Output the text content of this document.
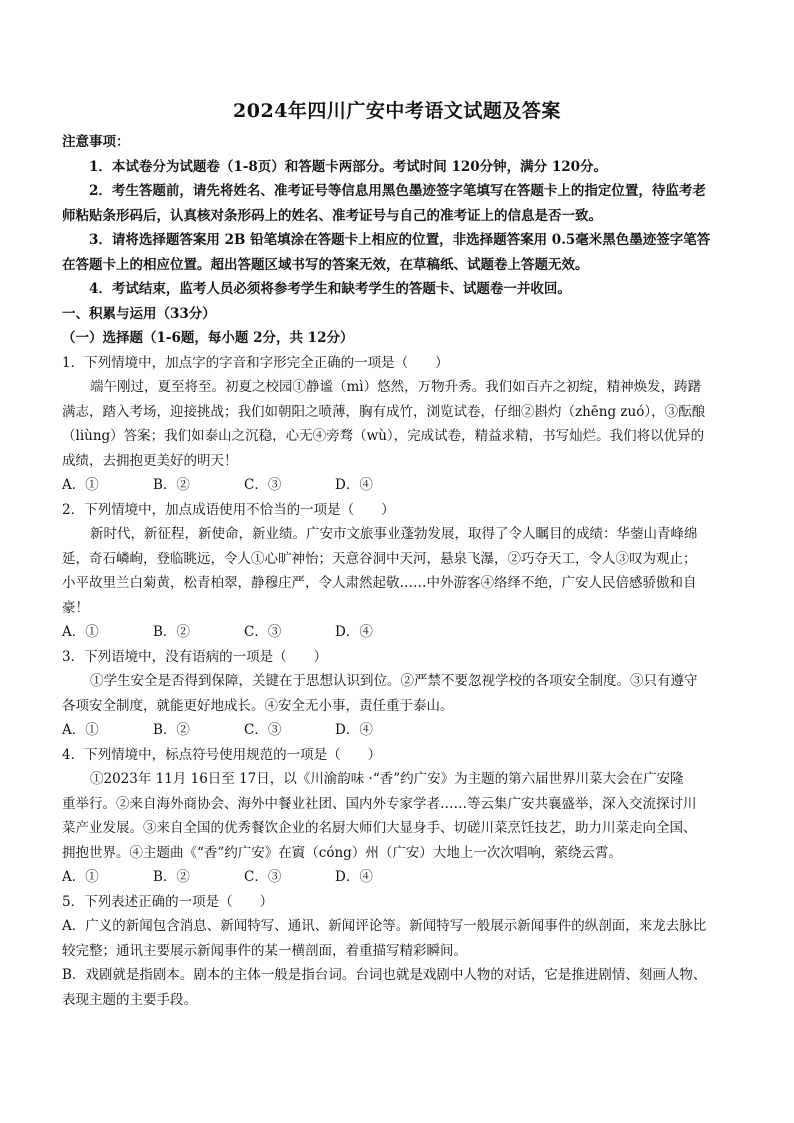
2024年四川广安中考语文试题及答案
注意事项：
1．本试卷分为试题卷（1-8页）和答题卡两部分。考试时间 120分钟，满分 120分。
2．考生答题前，请先将姓名、准考证号等信息用黑色墨迹签字笔填写在答题卡上的指定位置，待监考老
师粘贴条形码后，认真核对条形码上的姓名、准考证号与自己的准考证上的信息是否一致。
3．请将选择题答案用 2B 铅笔填涂在答题卡上相应的位置，非选择题答案用 0.5毫米黑色墨迹签字笔答
在答题卡上的相应位置。超出答题区域书写的答案无效，在草稿纸、试题卷上答题无效。
4．考试结束，监考人员必须将参考学生和缺考学生的答题卡、试题卷一并收回。
一、积累与运用（33分）
（一）选择题（1-6题，每小题 2分，共 12分）
1．下列情境中，加点字的字音和字形完全正确的一项是（　　）
端午刚过，夏至将至。初夏之校园①静谧（mì）悠然，万物升秀。我们如百卉之初绽，精神焕发，踌躇
满志，踏入考场，迎接挑战；我们如朝阳之喷薄，胸有成竹，浏览试卷，仔细②斟灼（zhēng zuó），③酝酿
（liùng）答案；我们如泰山之沉稳，心无④旁骛（wù），完成试卷，精益求精，书写灿烂。我们将以优异的
成绩，去拥抱更美好的明天！
A．①	B．②	C．③	D．④
2．下列情境中，加点成语使用不恰当的一项是（　　）
新时代，新征程，新使命，新业绩。广安市文旅事业蓬勃发展，取得了令人瞩目的成绩：华蓥山青峰绵
延，奇石嶙峋，登临眺远，令人①心旷神怡；天意谷洞中天河，悬泉飞瀑，②巧夺天工，令人③叹为观止；
小平故里兰白菊黄，松青柏翠，静穆庄严，令人肃然起敬……中外游客④络绎不绝，广安人民倍感骄傲和自
豪！
A．①	B．②	C．③	D．④
3．下列语境中，没有语病的一项是（　　）
①学生安全是否得到保障，关键在于思想认识到位。②严禁不要忽视学校的各项安全制度。③只有遵守
各项安全制度，就能更好地成长。④安全无小事，责任重于泰山。
A．①	B．②	C．③	D．④
4．下列情境中，标点符号使用规范的一项是（　　）
①2023年 11月 16日至 17日，以《川渝韵味 ·“香”约广安》为主题的第六届世界川菜大会在广安隆
重举行。②来自海外商协会、海外中餐业社团、国内外专家学者……等云集广安共襄盛举，深入交流探讨川
菜产业发展。③来自全国的优秀餐饮企业的名厨大师们大显身手、切磋川菜烹饪技艺，助力川菜走向全国、
拥抱世界。④主题曲《“香”约广安》在賨（cóng）州（广安）大地上一次次唱响，萦绕云霄。
A．①	B．②	C．③	D．④
5．下列表述正确的一项是（　　）
A．广义的新闻包含消息、新闻特写、通讯、新闻评论等。新闻特写一般展示新闻事件的纵剖面，来龙去脉比
较完整；通讯主要展示新闻事件的某一横剖面，着重描写精彩瞬间。
B．戏剧就是指剧本。剧本的主体一般是指台词。台词也就是戏剧中人物的对话，它是推进剧情、刻画人物、
表现主题的主要手段。
